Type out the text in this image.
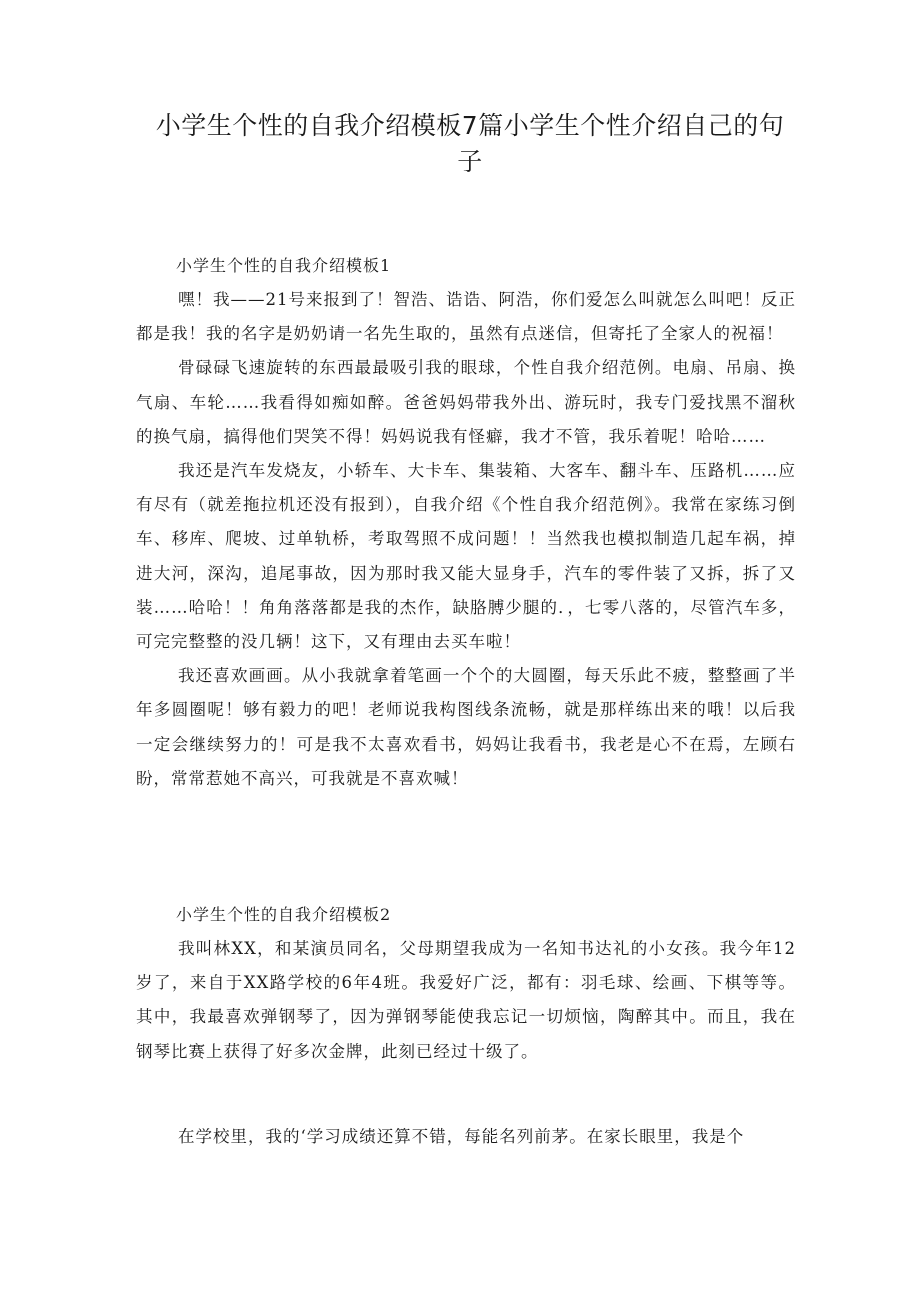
小学生个性的自我介绍模板7篇小学生个性介绍自己的句子

小学生个性的自我介绍模板1

嘿！我——21号来报到了！智浩、诰诰、阿浩，你们爱怎么叫就怎么叫吧！反正都是我！我的名字是奶奶请一名先生取的，虽然有点迷信，但寄托了全家人的祝福！

骨碌碌飞速旋转的东西最最吸引我的眼球，个性自我介绍范例。电扇、吊扇、换气扇、车轮……我看得如痴如醉。爸爸妈妈带我外出、游玩时，我专门爱找黑不溜秋的换气扇，搞得他们哭笑不得！妈妈说我有怪癖，我才不管，我乐着呢！哈哈……

我还是汽车发烧友，小轿车、大卡车、集装箱、大客车、翻斗车、压路机……应有尽有（就差拖拉机还没有报到），自我介绍《个性自我介绍范例》。我常在家练习倒车、移库、爬坡、过单轨桥，考取驾照不成问题！！当然我也模拟制造几起车祸，掉进大河，深沟，追尾事故，因为那时我又能大显身手，汽车的零件装了又拆，拆了又装……哈哈！！角角落落都是我的杰作，缺胳膊少腿的．，七零八落的，尽管汽车多，可完完整整的没几辆！这下，又有理由去买车啦！

我还喜欢画画。从小我就拿着笔画一个个的大圆圈，每天乐此不疲，整整画了半年多圆圈呢！够有毅力的吧！老师说我构图线条流畅，就是那样练出来的哦！以后我一定会继续努力的！可是我不太喜欢看书，妈妈让我看书，我老是心不在焉，左顾右盼，常常惹她不高兴，可我就是不喜欢喊！

小学生个性的自我介绍模板2

我叫林XX，和某演员同名，父母期望我成为一名知书达礼的小女孩。我今年12岁了，来自于XX路学校的6年4班。我爱好广泛，都有：羽毛球、绘画、下棋等等。其中，我最喜欢弹钢琴了，因为弹钢琴能使我忘记一切烦恼，陶醉其中。而且，我在钢琴比赛上获得了好多次金牌，此刻已经过十级了。

在学校里，我的‘学习成绩还算不错，每能名列前茅。在家长眼里，我是个
